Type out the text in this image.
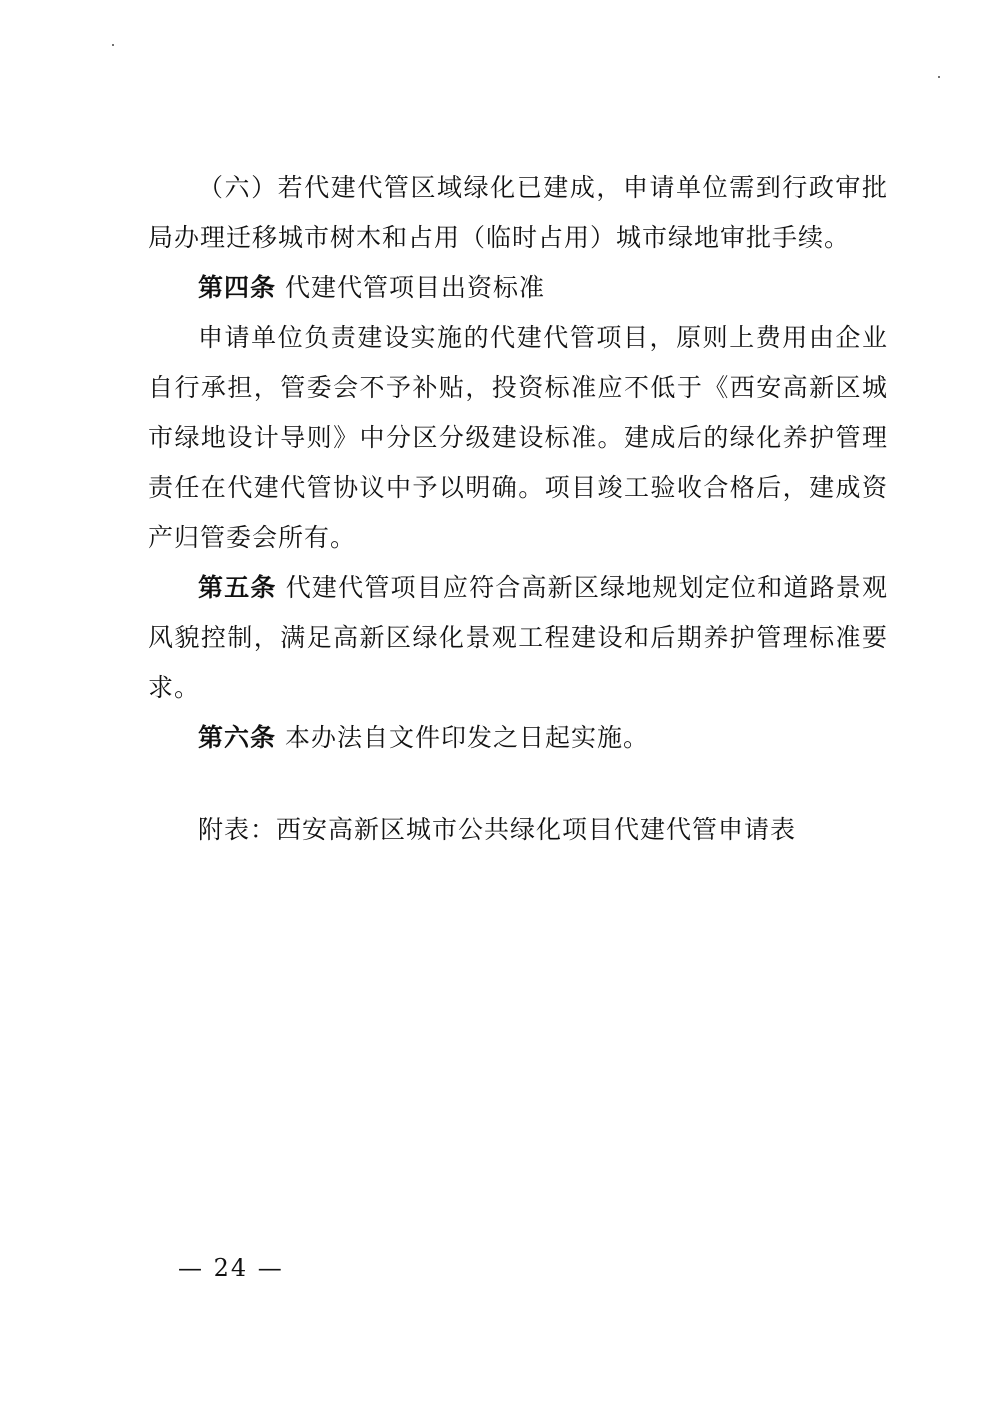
（六）若代建代管区域绿化已建成，申请单位需到行政审批局办理迁移城市树木和占用（临时占用）城市绿地审批手续。

第四条 代建代管项目出资标准

申请单位负责建设实施的代建代管项目，原则上费用由企业自行承担，管委会不予补贴，投资标准应不低于《西安高新区城市绿地设计导则》中分区分级建设标准。建成后的绿化养护管理责任在代建代管协议中予以明确。项目竣工验收合格后，建成资产归管委会所有。

第五条 代建代管项目应符合高新区绿地规划定位和道路景观风貌控制，满足高新区绿化景观工程建设和后期养护管理标准要求。

第六条 本办法自文件印发之日起实施。

附表：西安高新区城市公共绿化项目代建代管申请表

— 24 —
